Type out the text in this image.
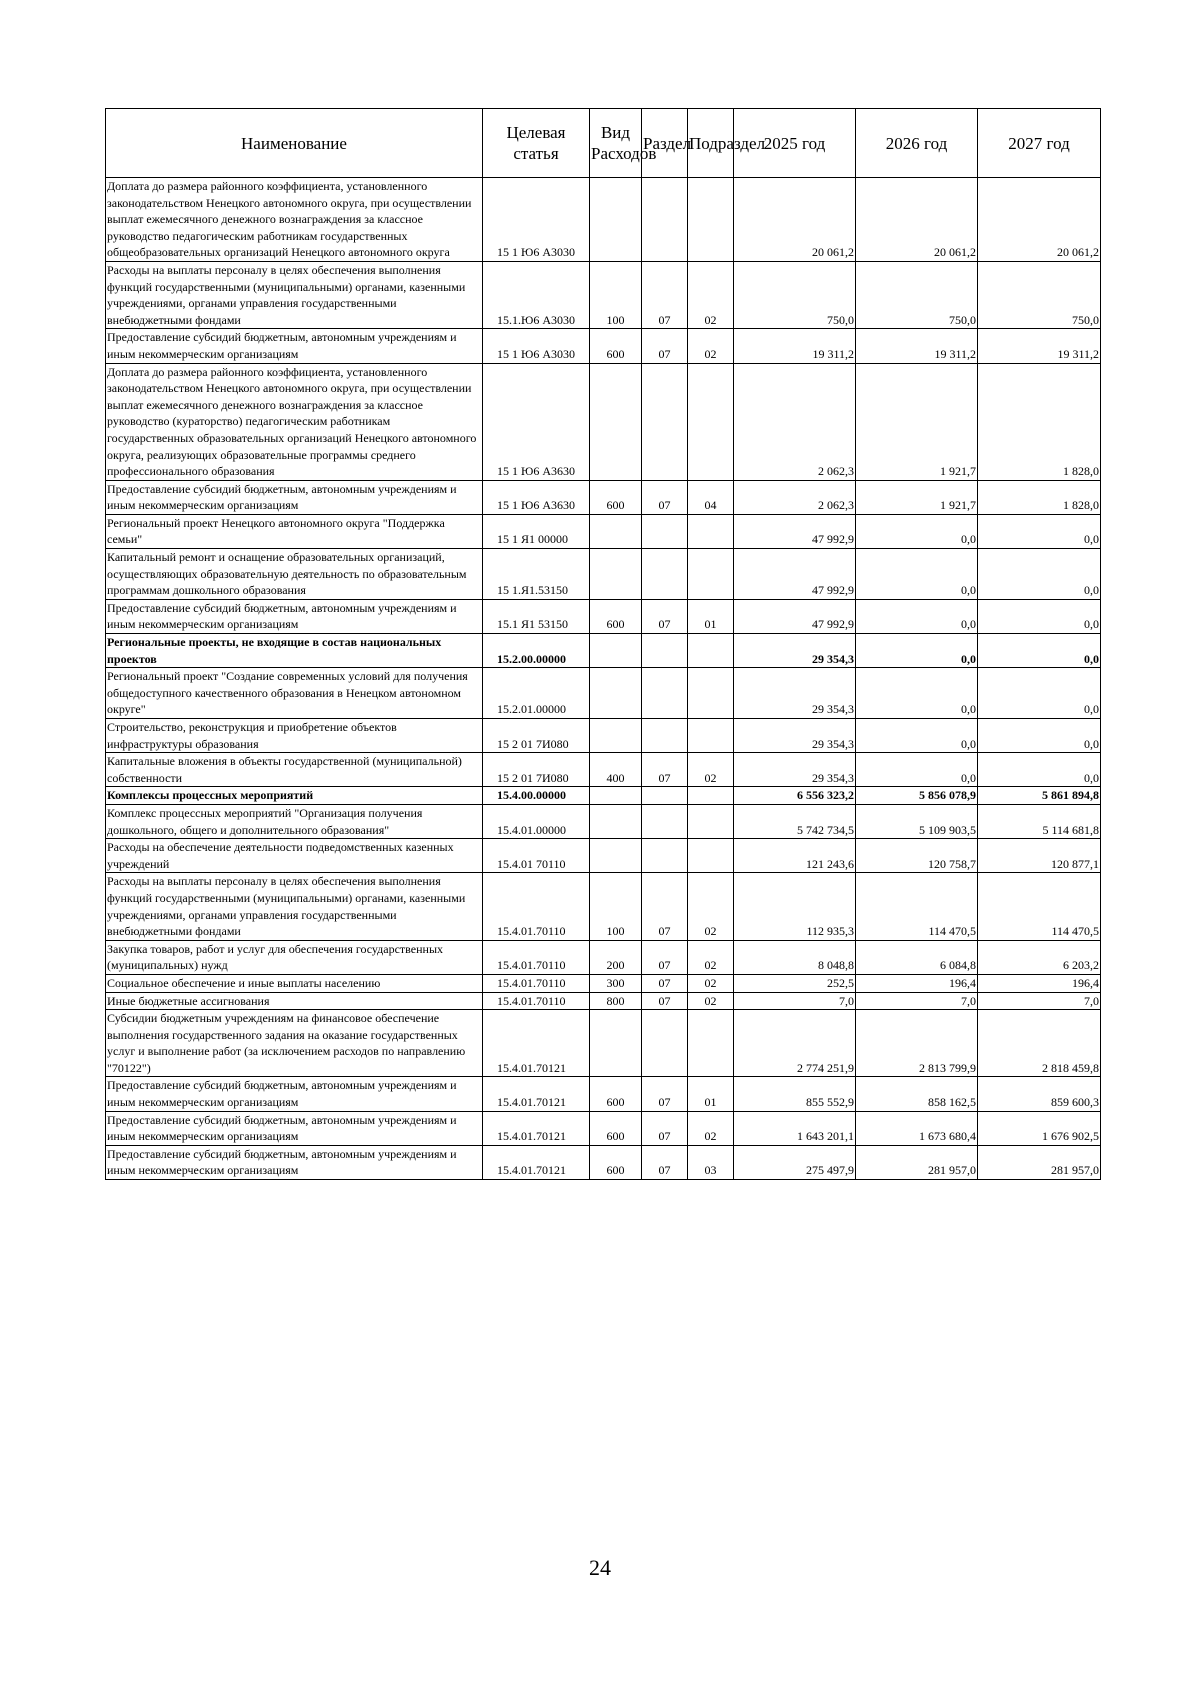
Наименование	Целевая статья	Вид Расходов	Раздел	Подраздел	2025 год	2026 год	2027 год
Доплата до размера районного коэффициента, установленного законодательством Ненецкого автономного округа, при осуществлении выплат ежемесячного денежного вознаграждения за классное руководство педагогическим работникам государственных общеобразовательных организаций Ненецкого автономного округа	15 1 Ю6 А3030				20 061,2	20 061,2	20 061,2
Расходы на выплаты персоналу в целях обеспечения выполнения функций государственными (муниципальными) органами, казенными учреждениями, органами управления государственными внебюджетными фондами	15.1.Ю6 А3030	100	07	02	750,0	750,0	750,0
Предоставление субсидий бюджетным, автономным учреждениям и иным некоммерческим организациям	15 1 Ю6 А3030	600	07	02	19 311,2	19 311,2	19 311,2
Доплата до размера районного коэффициента, установленного законодательством Ненецкого автономного округа, при осуществлении выплат ежемесячного денежного вознаграждения за классное руководство (кураторство) педагогическим работникам государственных образовательных организаций Ненецкого автономного округа, реализующих образовательные программы среднего профессионального образования	15 1 Ю6 А3630				2 062,3	1 921,7	1 828,0
Предоставление субсидий бюджетным, автономным учреждениям и иным некоммерческим организациям	15 1 Ю6 А3630	600	07	04	2 062,3	1 921,7	1 828,0
Региональный проект Ненецкого автономного округа "Поддержка семьи"	15 1 Я1 00000				47 992,9	0,0	0,0
Капитальный ремонт и оснащение образовательных организаций, осуществляющих образовательную деятельность по образовательным программам дошкольного образования	15 1.Я1.53150				47 992,9	0,0	0,0
Предоставление субсидий бюджетным, автономным учреждениям и иным некоммерческим организациям	15.1 Я1 53150	600	07	01	47 992,9	0,0	0,0
Региональные проекты, не входящие в состав национальных проектов	15.2.00.00000				29 354,3	0,0	0,0
Региональный проект "Создание современных условий для получения общедоступного качественного образования в Ненецком автономном округе"	15.2.01.00000				29 354,3	0,0	0,0
Строительство, реконструкция и приобретение объектов инфраструктуры образования	15 2 01 7И080				29 354,3	0,0	0,0
Капитальные вложения в объекты государственной (муниципальной) собственности	15 2 01 7И080	400	07	02	29 354,3	0,0	0,0
Комплексы процессных мероприятий	15.4.00.00000				6 556 323,2	5 856 078,9	5 861 894,8
Комплекс процессных мероприятий "Организация получения дошкольного, общего и дополнительного образования"	15.4.01.00000				5 742 734,5	5 109 903,5	5 114 681,8
Расходы на обеспечение деятельности подведомственных казенных учреждений	15.4.01 70110				121 243,6	120 758,7	120 877,1
Расходы на выплаты персоналу в целях обеспечения выполнения функций государственными (муниципальными) органами, казенными учреждениями, органами управления государственными внебюджетными фондами	15.4.01.70110	100	07	02	112 935,3	114 470,5	114 470,5
Закупка товаров, работ и услуг для обеспечения государственных (муниципальных) нужд	15.4.01.70110	200	07	02	8 048,8	6 084,8	6 203,2
Социальное обеспечение и иные выплаты населению	15.4.01.70110	300	07	02	252,5	196,4	196,4
Иные бюджетные ассигнования	15.4.01.70110	800	07	02	7,0	7,0	7,0
Субсидии бюджетным учреждениям на финансовое обеспечение выполнения государственного задания на оказание государственных услуг и выполнение работ (за исключением расходов по направлению "70122")	15.4.01.70121				2 774 251,9	2 813 799,9	2 818 459,8
Предоставление субсидий бюджетным, автономным учреждениям и иным некоммерческим организациям	15.4.01.70121	600	07	01	855 552,9	858 162,5	859 600,3
Предоставление субсидий бюджетным, автономным учреждениям и иным некоммерческим организациям	15.4.01.70121	600	07	02	1 643 201,1	1 673 680,4	1 676 902,5
Предоставление субсидий бюджетным, автономным учреждениям и иным некоммерческим организациям	15.4.01.70121	600	07	03	275 497,9	281 957,0	281 957,0
24
